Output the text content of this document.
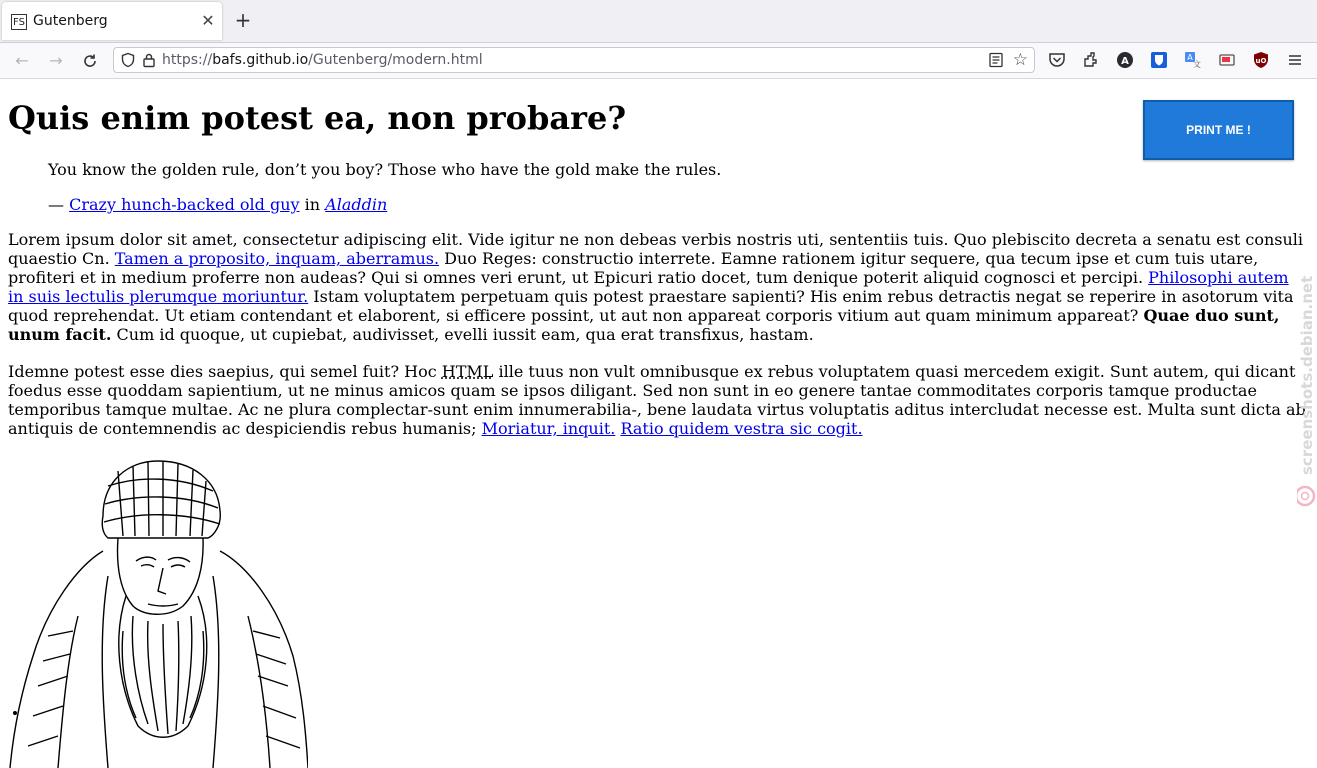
FS Gutenberg	✕ +
← →	https://bafs.github.io/Gutenberg/modern.html	☆	A	A
文	uO
Quis enim potest ea, non probare?	PRINT ME !
You know the golden rule, don’t you boy? Those who have the gold make the rules.
— Crazy hunch-backed old guy in Aladdin
Lorem ipsum dolor sit amet, consectetur adipiscing elit. Vide igitur ne non debeas verbis nostris uti, sententiis tuis. Quo plebiscito decreta a senatu est consuli quaestio Cn. Tamen a proposito, inquam, aberramus. Duo Reges: constructio interrete. Eamne rationem igitur sequere, qua tecum ipse et cum tuis utare, profiteri et in medium proferre non audeas? Qui si omnes veri erunt, ut Epicuri ratio docet, tum denique poterit aliquid cognosci et percipi. Philosophi autem in suis lectulis plerumque moriuntur. Istam voluptatem perpetuam quis potest praestare sapienti? His enim rebus detractis negat se reperire in asotorum vita quod reprehendat. Ut etiam contendant et elaborent, si efficere possint, ut aut non appareat corporis vitium aut quam minimum appareat? Quae duo sunt, unum facit. Cum id quoque, ut cupiebat, audivisset, evelli iussit eam, qua erat transfixus, hastam.
Idemne potest esse dies saepius, qui semel fuit? Hoc HTML ille tuus non vult omnibusque ex rebus voluptatem quasi mercedem exigit. Sunt autem, qui dicant foedus esse quoddam sapientium, ut ne minus amicos quam se ipsos diligant. Sed non sunt in eo genere tantae commoditates corporis tamque productae temporibus tamque multae. Ac ne plura complectar-sunt enim innumerabilia-, bene laudata virtus voluptatis aditus intercludat necesse est. Multa sunt dicta ab antiquis de contemnendis ac despiciendis rebus humanis; Moriatur, inquit. Ratio quidem vestra sic cogit.	screenshots.debian.net
